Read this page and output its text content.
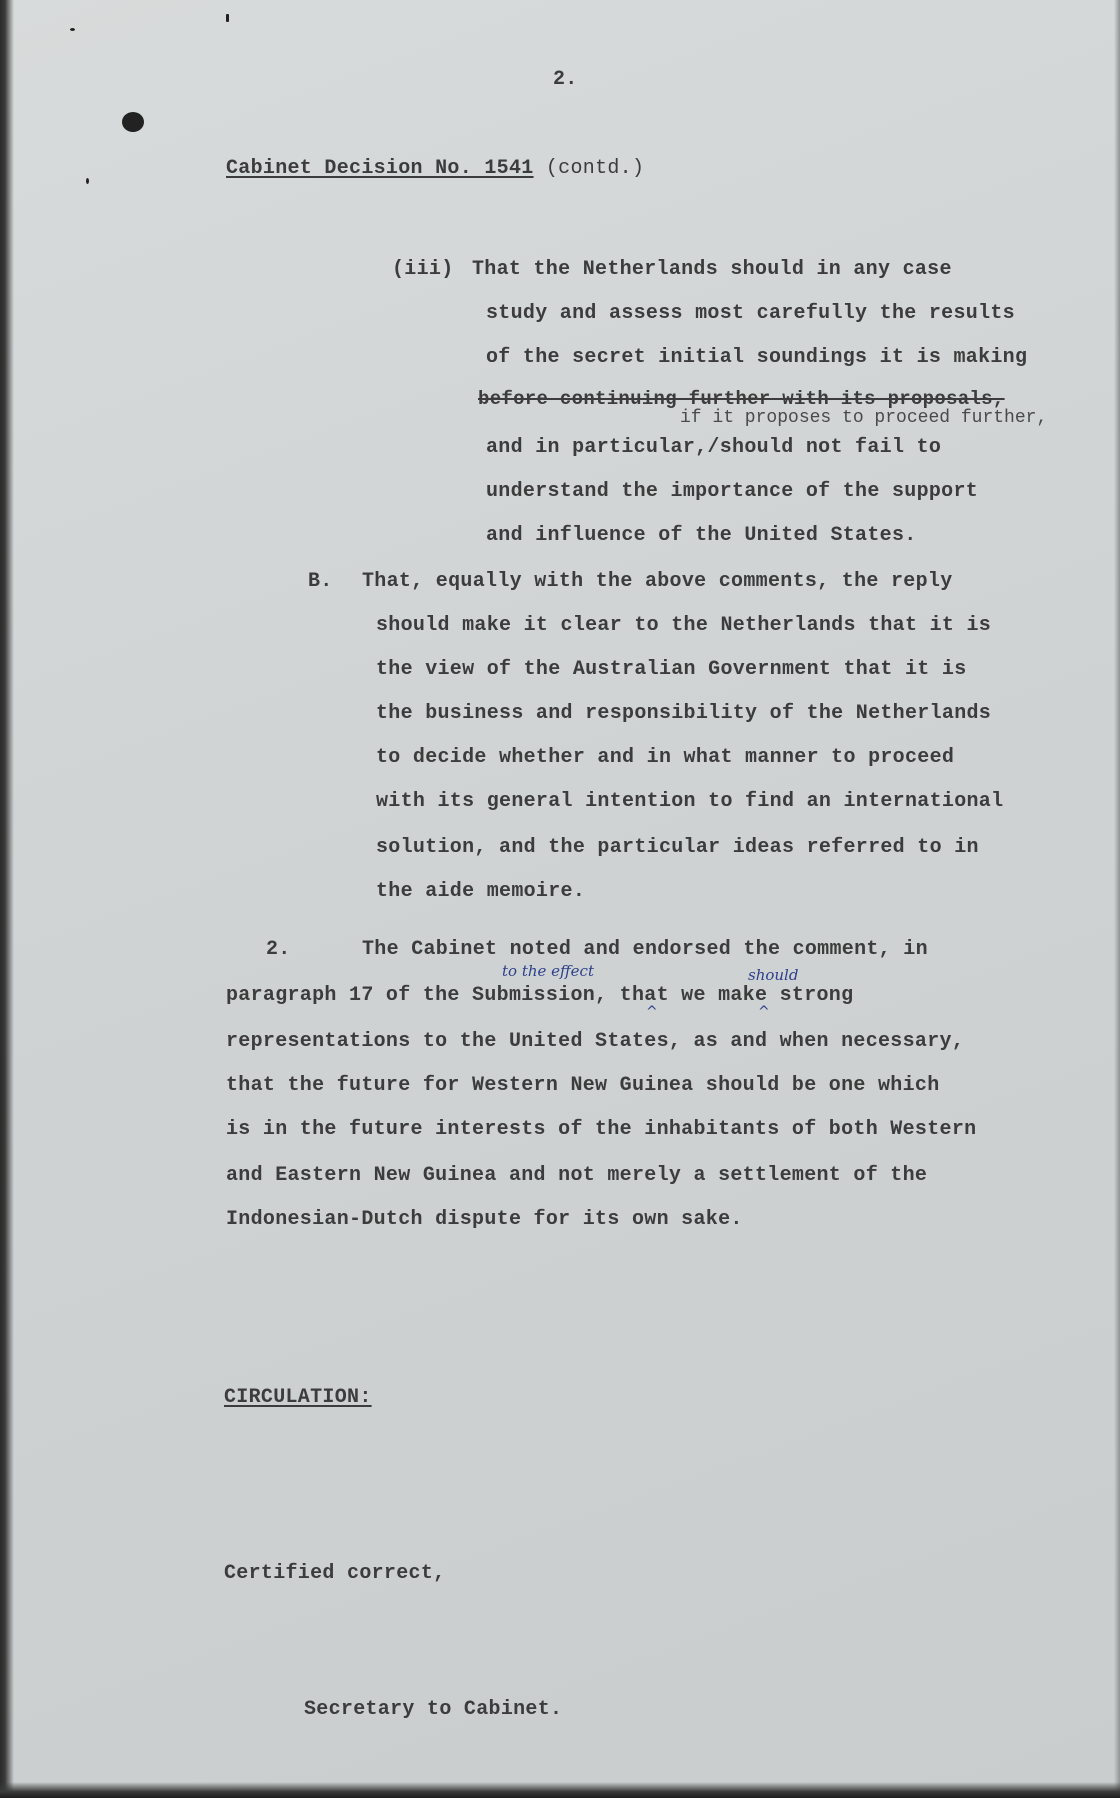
2.

Cabinet Decision No. 1541 (contd.)

(iii) That the Netherlands should in any case

study and assess most carefully the results

of the secret initial soundings it is making

before continuing further with its proposals,

if it proposes to proceed further,

and in particular,/should not fail to

understand the importance of the support

and influence of the United States.

B. That, equally with the above comments, the reply

should make it clear to the Netherlands that it is

the view of the Australian Government that it is

the business and responsibility of the Netherlands

to decide whether and in what manner to proceed

with its general intention to find an international

solution, and the particular ideas referred to in

the aide memoire.

2.	The Cabinet noted and endorsed the comment, in

to the effect	should

paragraph 17 of the Submission, that we make strong

^	^

representations to the United States, as and when necessary,

that the future for Western New Guinea should be one which

is in the future interests of the inhabitants of both Western

and Eastern New Guinea and not merely a settlement of the

Indonesian-Dutch dispute for its own sake.

CIRCULATION:

Certified correct,

Secretary to Cabinet.
